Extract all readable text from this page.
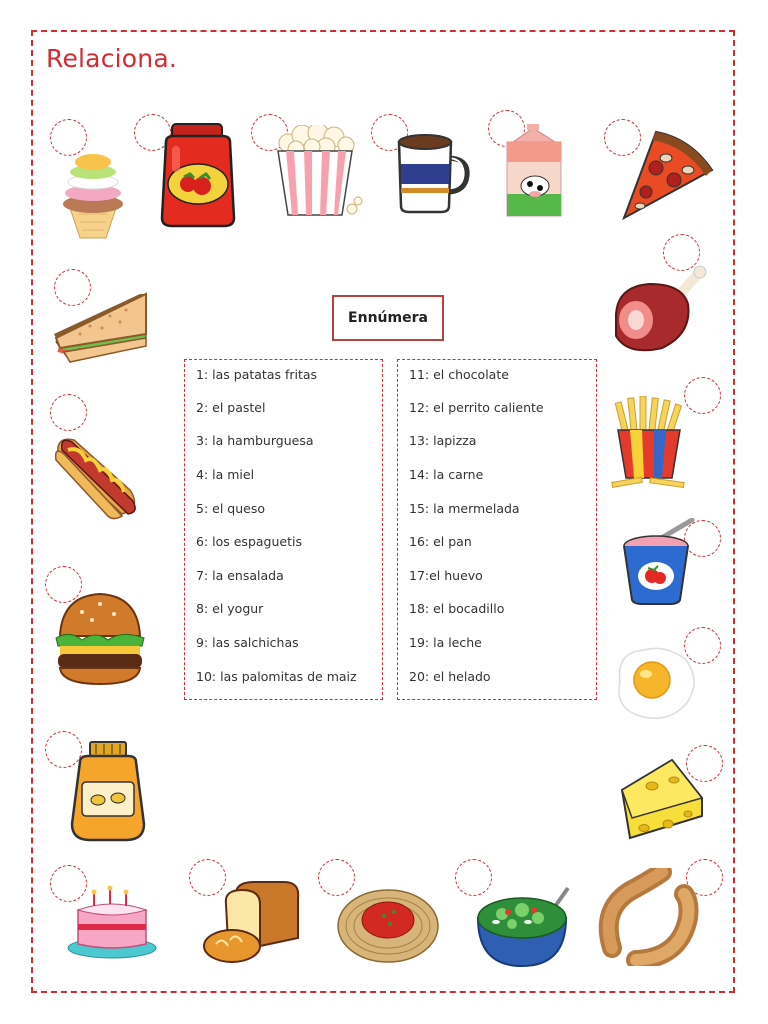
Relaciona.
Ennúmera
1: las patatas fritas
2: el pastel
3: la hamburguesa
4: la miel
5: el queso
6: los espaguetis
7: la ensalada
8: el yogur
9: las salchichas
10: las palomitas de maiz
11: el chocolate
12: el perrito caliente
13: lapizza
14: la carne
15: la mermelada
16: el pan
17:el huevo
18: el bocadillo
19: la leche
20: el helado
